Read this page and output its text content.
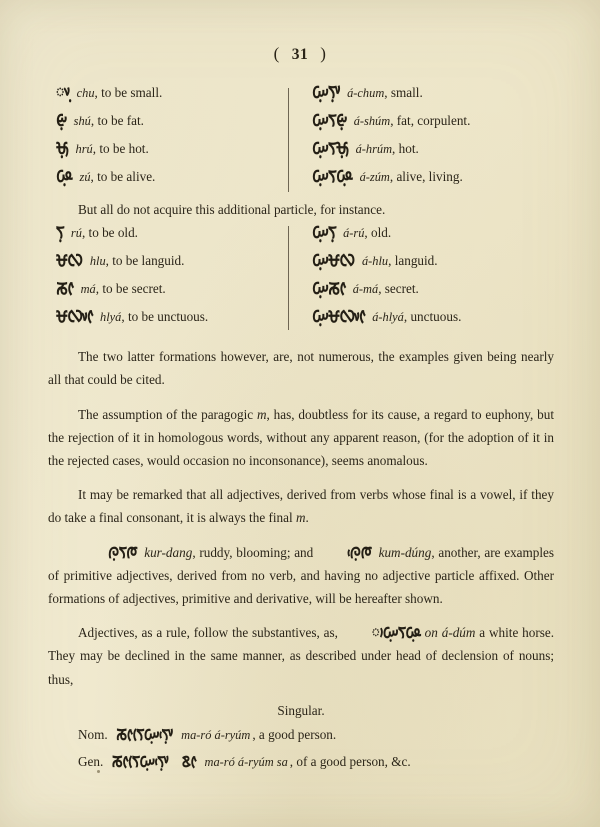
( 31 )
ᰤ᰷ chu, to be small.	ᰠ᰷ᰛᰤ᰷ á-chum, small.
ᰡ᰷ shú, to be fat.	ᰠ᰷ᰛᰡ᰷ á-shúm, fat, corpulent.
ᰝᰥ᰷ hrú, to be hot.	ᰠ᰷ᰛᰝᰥ᰷ á-hrúm, hot.
ᰘ᰷ zú, to be alive.	ᰠ᰷ᰛᰘ᰷ á-zúm, alive, living.

But all do not acquire this additional particle, for instance.

ᰛ᰷ rú, to be old.	ᰠ᰷ᰛ᰷ á-rú, old.
ᰝᰜ hlu, to be languid.	ᰠ᰷ᰝᰜ á-hlu, languid.
ᰕᰦ má, to be secret.	ᰠ᰷ᰕᰦ á-má, secret.
ᰝᰜᰤᰦ hlyá, to be unctuous.	ᰠ᰷ᰝᰜᰤᰦ á-hlyá, unctuous.

The two latter formations however, are, not numerous, the examples given being nearly all that could be cited.

The assumption of the paragogic m, has, doubtless for its cause, a regard to euphony, but the rejection of it in homologous words, without any apparent reason, (for the adoption of it in the rejected cases, would occasion no inconsonance), seems anomalous.

It may be remarked that all adjectives, derived from verbs whose final is a vowel, if they do take a final consonant, it is always the final m.

ᰍ᰷ᰛᰈ kur-dang, ruddy, blooming; and ᰍ᰷ᰵᰈ kum-dúng, another, are examples of primitive adjectives, derived from no verb, and having no adjective particle affixed. Other formations of adjectives, primitive and derivative, will be hereafter shown.

Adjectives, as a rule, follow the substantives, as, ᰥᰠ᰷ᰛᰘ᰷ on á-dúm a white horse. They may be declined in the same manner, as described under head of declension of nouns; thus,

Singular.
Nom. ᰕᰦᰛᰨᰠ᰷ᰛᰤ᰷ᰵ ma-ró á-ryúm , a good person.
Gen. ᰕᰦᰛᰨᰠ᰷ᰛᰤ᰷ᰵ ᰣᰦ ma-ró á-ryúm sa , of a good person, &c.
